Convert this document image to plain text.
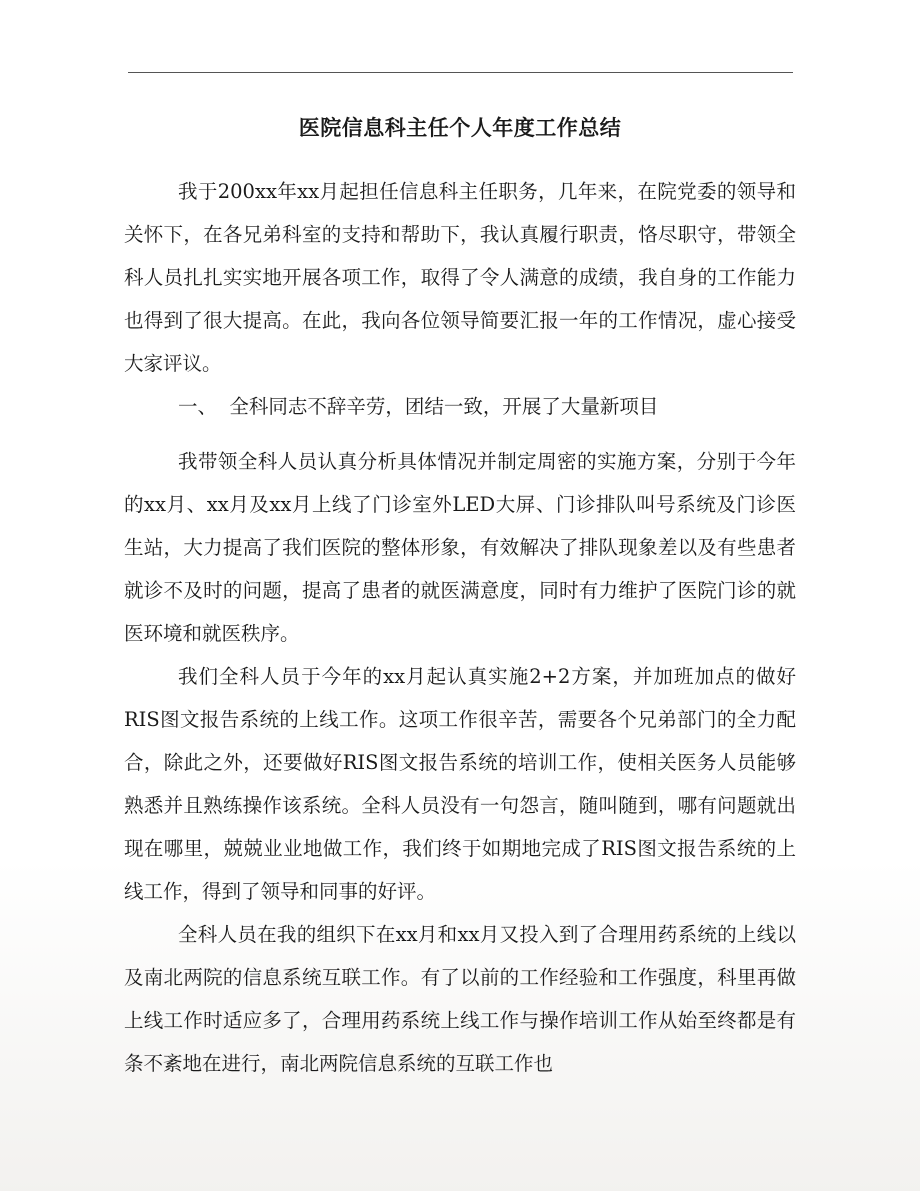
医院信息科主任个人年度工作总结

我于200xx年xx月起担任信息科主任职务，几年来，在院党委的领导和关怀下，在各兄弟科室的支持和帮助下，我认真履行职责，恪尽职守，带领全科人员扎扎实实地开展各项工作，取得了令人满意的成绩，我自身的工作能力也得到了很大提高。在此，我向各位领导简要汇报一年的工作情况，虚心接受大家评议。

一、  全科同志不辞辛劳，团结一致，开展了大量新项目

我带领全科人员认真分析具体情况并制定周密的实施方案，分别于今年的xx月、xx月及xx月上线了门诊室外LED大屏、门诊排队叫号系统及门诊医生站，大力提高了我们医院的整体形象，有效解决了排队现象差以及有些患者就诊不及时的问题，提高了患者的就医满意度，同时有力维护了医院门诊的就医环境和就医秩序。

我们全科人员于今年的xx月起认真实施2+2方案，并加班加点的做好RIS图文报告系统的上线工作。这项工作很辛苦，需要各个兄弟部门的全力配合，除此之外，还要做好RIS图文报告系统的培训工作，使相关医务人员能够熟悉并且熟练操作该系统。全科人员没有一句怨言，随叫随到，哪有问题就出现在哪里，兢兢业业地做工作，我们终于如期地完成了RIS图文报告系统的上线工作，得到了领导和同事的好评。

全科人员在我的组织下在xx月和xx月又投入到了合理用药系统的上线以及南北两院的信息系统互联工作。有了以前的工作经验和工作强度，科里再做上线工作时适应多了，合理用药系统上线工作与操作培训工作从始至终都是有条不紊地在进行，南北两院信息系统的互联工作也
